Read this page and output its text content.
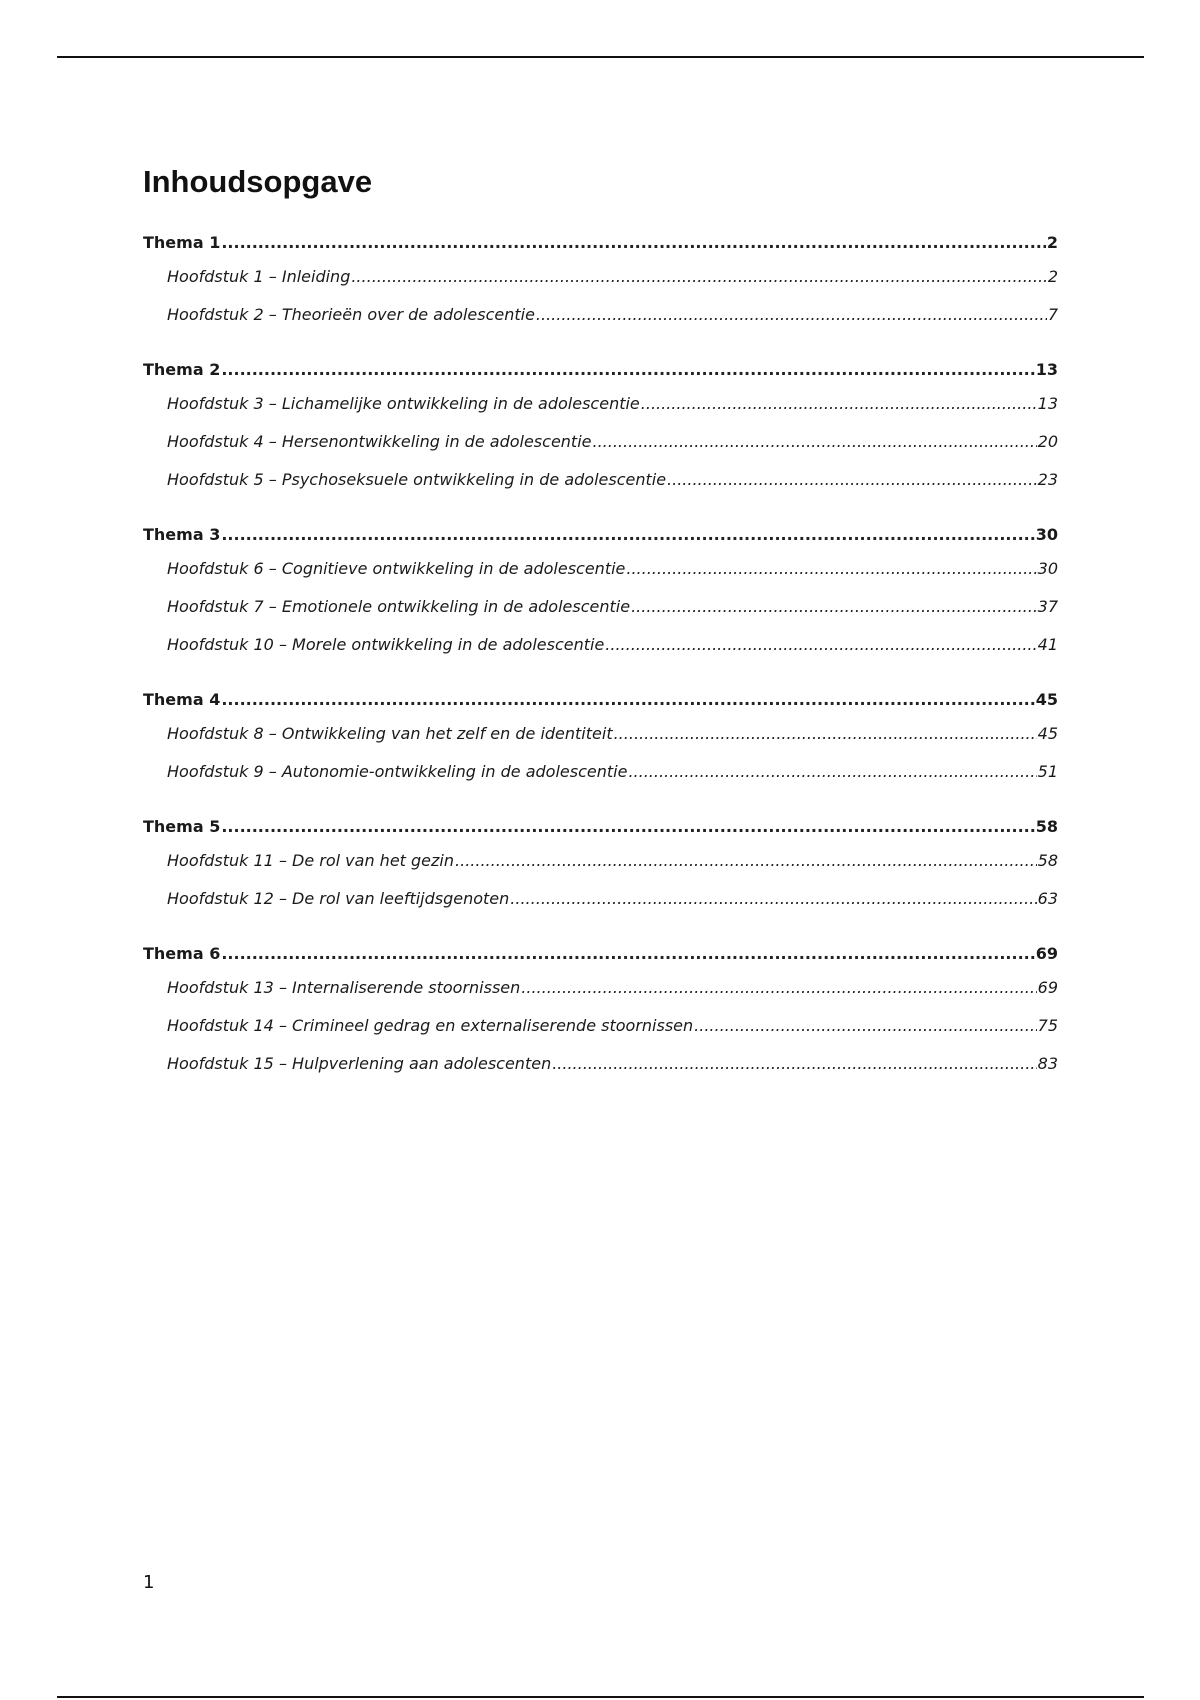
Inhoudsopgave
Thema 1 .....	2
Hoofdstuk 1 – Inleiding .....	2
Hoofdstuk 2 – Theorieën over de adolescentie .....	7
Thema 2 .....	13
Hoofdstuk 3 – Lichamelijke ontwikkeling in de adolescentie .....	13
Hoofdstuk 4 – Hersenontwikkeling in de adolescentie .....	20
Hoofdstuk 5 – Psychoseksuele ontwikkeling in de adolescentie .....	23
Thema 3 .....	30
Hoofdstuk 6 – Cognitieve ontwikkeling in de adolescentie .....	30
Hoofdstuk 7 – Emotionele ontwikkeling in de adolescentie .....	37
Hoofdstuk 10 – Morele ontwikkeling in de adolescentie .....	41
Thema 4 .....	45
Hoofdstuk 8 – Ontwikkeling van het zelf en de identiteit .....	45
Hoofdstuk 9 – Autonomie-ontwikkeling in de adolescentie .....	51
Thema 5 .....	58
Hoofdstuk 11 – De rol van het gezin .....	58
Hoofdstuk 12 – De rol van leeftijdsgenoten .....	63
Thema 6 .....	69
Hoofdstuk 13 – Internaliserende stoornissen .....	69
Hoofdstuk 14 – Crimineel gedrag en externaliserende stoornissen .....	75
Hoofdstuk 15 – Hulpverlening aan adolescenten .....	83
1
